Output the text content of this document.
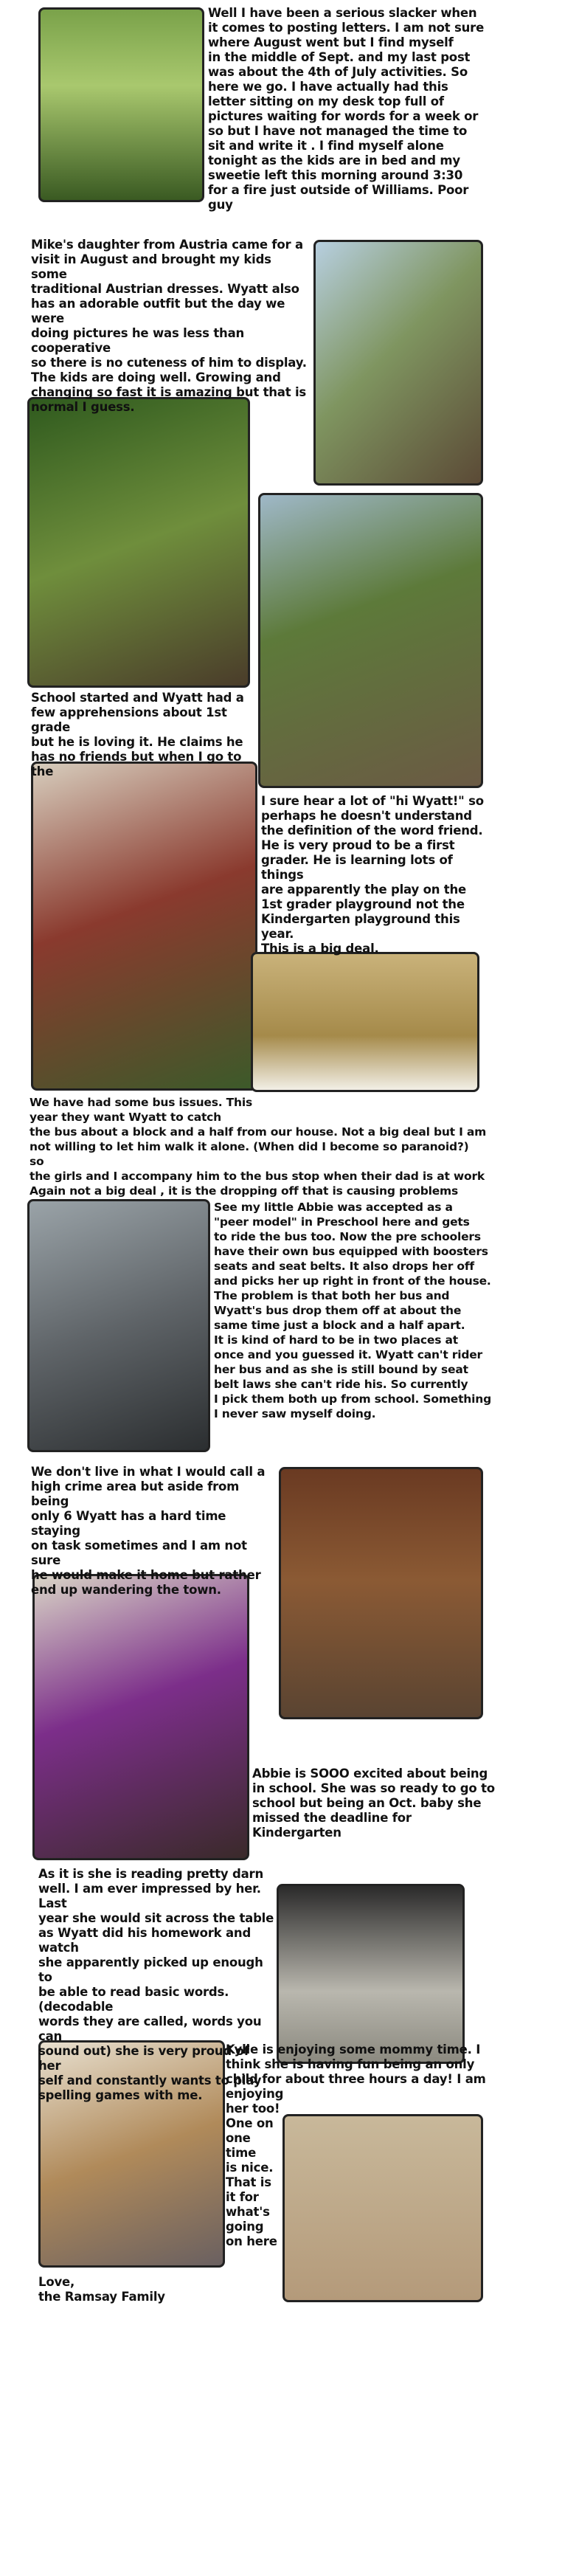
Well I have been a serious slacker when
it comes to posting letters. I am not sure
where August went but I find myself
in the middle of Sept. and my last post
was about the 4th of July activities. So
here we go. I have actually had this
letter sitting on my desk top full of
pictures waiting for words for a week or
so but I have not managed the time to
sit and write it . I find myself alone
tonight as the kids are in bed and my
sweetie left this morning around 3:30
for a fire just outside of Williams. Poor guy
Mike's daughter from Austria came for a
visit in August and brought my kids some
traditional Austrian dresses. Wyatt also
has an adorable outfit but the day we were
doing pictures he was less than cooperative
so there is no cuteness of him to display.
The kids are doing well. Growing and
changing so fast it is amazing but that is
normal I guess.
School started and Wyatt had a
few apprehensions about 1st grade
but he is loving it. He claims he
has no friends but when I go to the
I sure hear a lot of "hi Wyatt!" so
perhaps he doesn't understand
the definition of the word friend.
He is very proud to be a first
grader. He is learning lots of things
are apparently the play on the
1st grader playground not the
Kindergarten playground this year.
This is a big deal.
We have had some bus issues. This
year they want Wyatt to catch
the bus about a block and a half from our house. Not a big deal but I am
not willing to let him walk it alone. (When did I become so paranoid?) so
the girls and I accompany him to the bus stop when their dad is at work
Again not a big deal , it is the dropping off that is causing problems
See my little Abbie was accepted as a
"peer model" in Preschool here and gets
to ride the bus too. Now the pre schoolers
have their own bus equipped with boosters
seats and seat belts. It also drops her off
and picks her up right in front of the house.
The problem is that both her bus and
Wyatt's bus drop them off at about the
same time just a block and a half apart.
It is kind of hard to be in two places at
once and you guessed it. Wyatt can't rider
her bus and as she is still bound by seat
belt laws she can't ride his. So currently
I pick them both up from school. Something
I never saw myself doing.
We don't live in what I would call a
high crime area but aside from being
only 6 Wyatt has a hard time staying
on task sometimes and I am not sure
he would make it home but rather
end up wandering the town.
Abbie is SOOO excited about being
in school. She was so ready to go to
school but being an Oct. baby she
missed the deadline for Kindergarten
As it is she is reading pretty darn
well. I am ever impressed by her. Last
year she would sit across the table
as Wyatt did his homework and watch
she apparently picked up enough to
be able to read basic words. (decodable
words they are called, words you can
sound out) she is very proud of her
self and constantly wants to play
spelling games with me.
Kylie is enjoying some mommy time. I
think she is having fun being an only
child for about three hours a day! I am
enjoying
her too!
One on
one time
is nice.
That is
it for
what's
going
on here
Love,
the Ramsay Family
